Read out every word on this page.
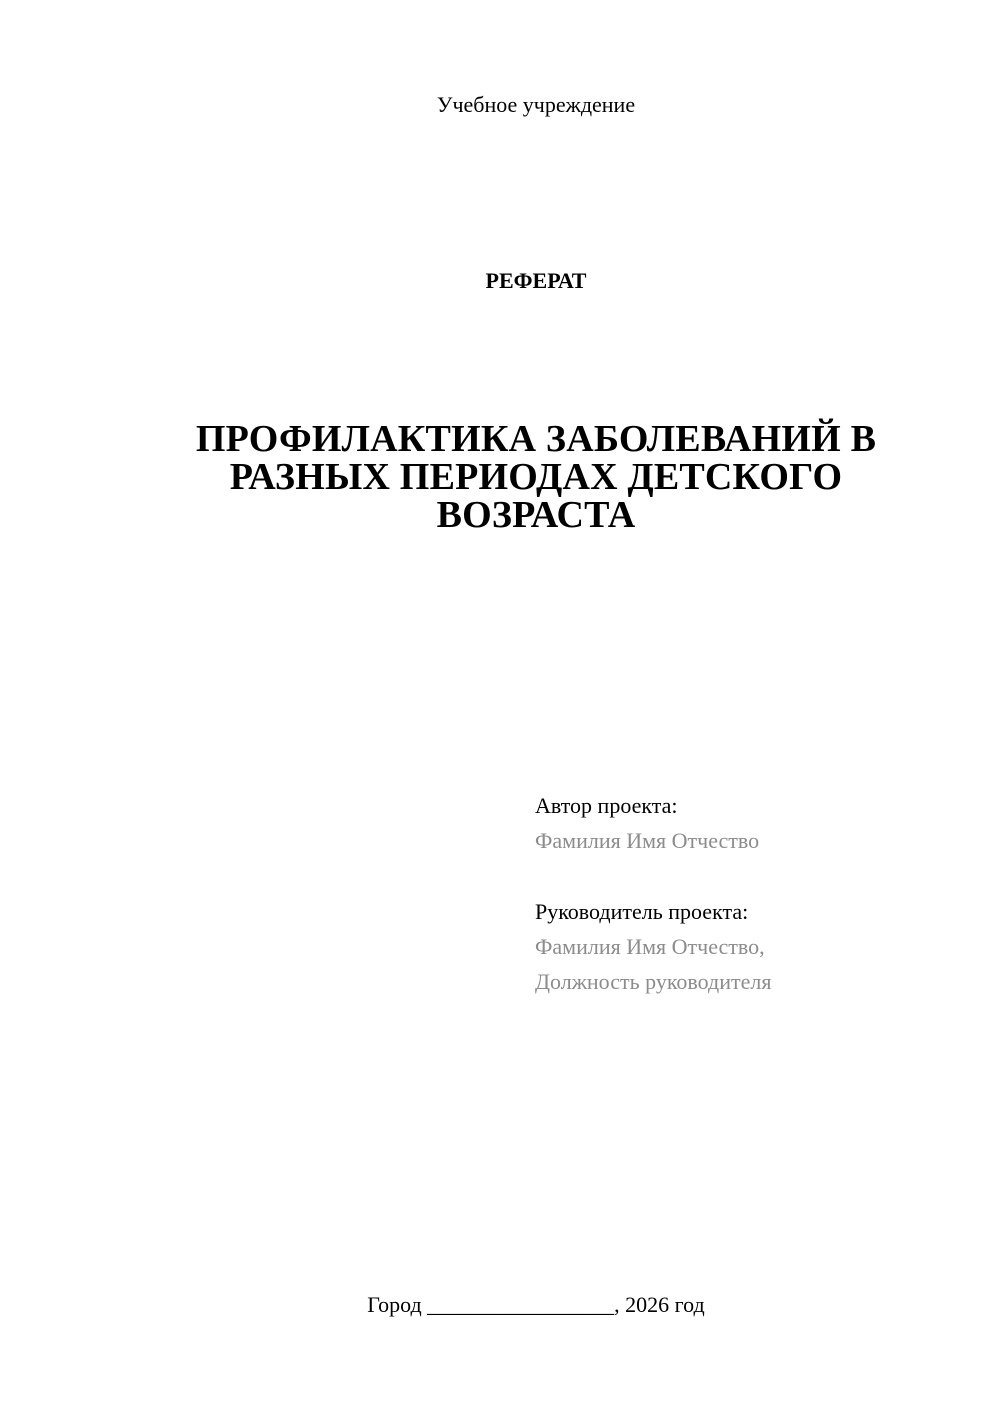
Учебное учреждение
РЕФЕРАТ
ПРОФИЛАКТИКА ЗАБОЛЕВАНИЙ В
РАЗНЫХ ПЕРИОДАХ ДЕТСКОГО
ВОЗРАСТА
Автор проекта:
Фамилия Имя Отчество
Руководитель проекта:
Фамилия Имя Отчество,
Должность руководителя
Город _________________, 2026 год
